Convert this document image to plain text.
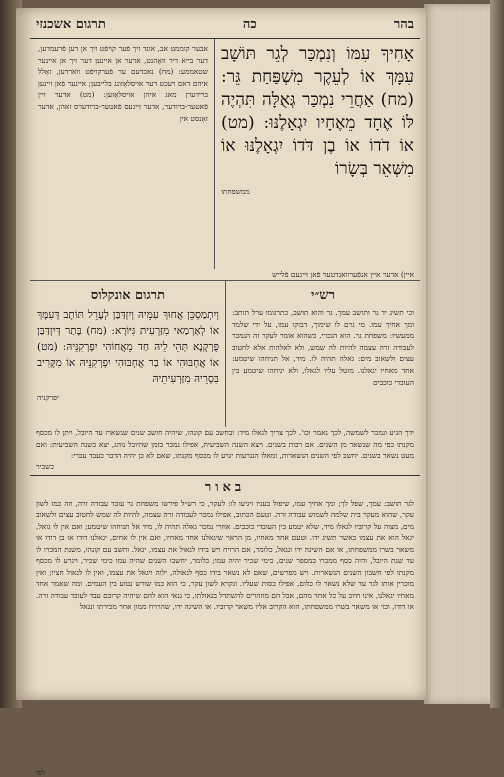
בהר
כה
תרגום אשכנזי
אָחִיךָ עִמּוֹ וְנִמְכַּר לְגֵר תּוֹשָׁב עִמָּךְ אוֹ לְעֵקֶר מִשְׁפַּחַת גֵּר: (מח) אַחֲרֵי נִמְכַּר גְּאֻלָּה תִּהְיֶה לּוֹ אֶחָד מֵאֶחָיו יִגְאָלֶנּוּ: (מט) אוֹ דֹדוֹ אוֹ בֶן דֹּדוֹ יִגְאָלֶנּוּ אוֹ מִשְּׁאֵר בְּשָׂרוֹ
ממשפחתו
אבער קוממט אב, אונד זיך פֿער קויפֿט זיך אן דען פֿרעמדען, דער בייא דיר וואָהנט, אדער אן איינען דער זיך אן איינער שטאממע: (מח) נאכדעם ער פֿערקויפֿט ווארדען, זאָלל איהם דאס רעכט דער אויסלאָזונג בלייבען; איינער פֿאן זיינען ברידערן מאג איהן אויסלאָזען: (מט) אדער זיין פֿאטער-ברודער, אדער זיינעס פֿאטער-ברודערס זאהן, אדער זאָנסט אין
איין) אדער איין אנפֿערוואנדטער פֿאן זיינעם פֿלייש
רש״י
וכי תשיג יד גר ותושב עמך. גר והוא תושב, כתרגומו ערל תותב: ומך אחיך עמו. מי גרם לו שימוך, דבוקו עמו, על ידי שלמד ממעשיו: משפחת גר. הוא הנכרי, כשהוא אומר לעקר זה הנמכר לעבודה זרה עצמה להיות לה שמש, ולא לאלהות אלא לחטוב עצים ולשאוב מים: גאלה תהיה לו. מיד, אל תניחהו שיטמע: אחד מאחיו יגאלנו. מוטל עליו לגאלו, ולא יניחהו שיטמע בין העובדי כוכבים
תרגום אונקלוס
וְיִתְמַסְכֵּן אֲחוּךְ עִמֵּיהּ וְיִזְדַּבַּן לְעָרֵל תּוֹתָב דְּעִמָּךְ אוֹ לְאַרְמַאי מִזַּרְעִית גִּיּוֹרָא: (מח) בָּתַר דְּיִזְדַּבַּן פֻּרְקָנָא תְּהֵי לֵיהּ חַד מֵאֲחוֹהִי יִפְרְקִנֵּיהּ: (מט) אוֹ אֲחְבּוּהִי אוֹ בַר אֲחְבּוּהִי יִפְרְקִנֵּיהּ אוֹ מִקָּרִיב בִּסְרֵיהּ מִזַּרְעִיתֵיהּ
יפרקניה
ידך הגיע ונמכר לשמשה, לכך נאמר וכו'. לכך צריך לגאלו מיד: ובחשב עם קונהו, שיהיה חושב שנים שנשארו עד היובל, ויתן לו מכסף מקנתו כפי מה שנשאר מן השנים. אם רבות בשנים. ויצא השנה השביעית, אפילו נמכר בזמן שהיובל נוהג, יצא בשנה השביעית: ואם מעט נשאר בשנים. יחשב לפי השנים הנשארות, ומאלו הנגרעות יגרע לו מכסף מקנתו, שאם לא כן יהיה הדבר כעבד עברי:
כשכיר
באור
לגר תושב: עמך, שפל לך; ומך אחיך עמו, שיפול בעניו ויגיעו לו: לעקר, כי רש״ל פירשו משפחת גר עובד עבודה זרה, וזה כמו לשון עקר, שהוא מעקר בית שלמה לשמוש עבודה זרה. וטעם הכתוב, אפילו נמכר לעבודה זרה עצמה, להיות לה שמש לחטוב עצים ולשאוב מים, מצוה על קרוביו לגאלו מיד, שלא יטמע בין העובדי כוכבים. אחרי נמכר גאלה תהיה לו, מיד אל תניחהו שיטמע; ואם אין לו גואל, יגאל הוא את עצמו כאשר תשיג ידו. וטעם אחד מאחיו, מן הראוי שיגאלנו אחד מאחיו, ואם אין לו אחים, יגאלנו דודו או בן דודו או משאר בשרו ממשפחתו, או אם השיגה ידו ונגאל, כלומר, אם הרויח ויש בידו לגאול את עצמו, יגאל. וחשב עם קונהו, משנת המכרו לו עד שנת היובל, והיה כסף ממכרו במספר שנים, כימי שכיר יהיה עמו; כלומר, יחשבו השנים שהיה עמו כימי שכיר, ויגרע לו מכסף מקנתו לפי חשבון השנים הנשארות. ויש מפרשים, שאם לא נשאר בידו כסף לגאולה, ילוה ויגאל את עצמו, ואין לו לגאול חציו; ואין מוכרין אותו לגר עד שלא נשאר לו כלום, אפילו כסות שעליו. ונקרא לשון עקר, כי הוא כמו שורש נטוע בין העמים. ומה שאמר אחד מאחיו יגאלנו, אינו חיוב על כל אחד מהם, אבל הם מוזהרים להשתדל בגאולתו, כי גנאי הוא להם שיהיה קרובם עבד לעובד עבודה זרה. או דודו, וכו׳ או משאר בשרו ממשפחתו, הוא הקרוב אליו משאר קרוביו. או השיגה ידו, שהרויח ממון אחר מכירתו ונגאל
לפי
